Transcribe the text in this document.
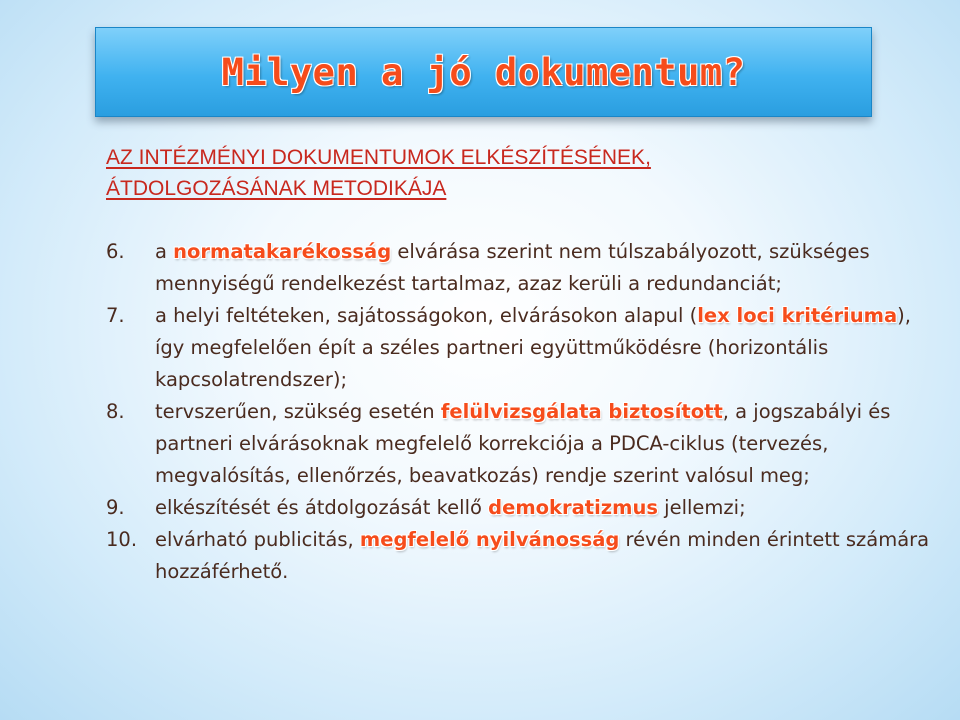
Milyen a jó dokumentum?
AZ INTÉZMÉNYI DOKUMENTUMOK ELKÉSZÍTÉSÉNEK,
ÁTDOLGOZÁSÁNAK METODIKÁJA
6. a normatakarékosság elvárása szerint nem túlszabályozott, szükséges mennyiségű rendelkezést tartalmaz, azaz kerüli a redundanciát;
7. a helyi feltéteken, sajátosságokon, elvárásokon alapul (lex loci kritériuma), így megfelelően épít a széles partneri együttműködésre (horizontális kapcsolatrendszer);
8. tervszerűen, szükség esetén felülvizsgálata biztosított, a jogszabályi és partneri elvárásoknak megfelelő korrekciója a PDCA-ciklus (tervezés, megvalósítás, ellenőrzés, beavatkozás) rendje szerint valósul meg;
9. elkészítését és átdolgozását kellő demokratizmus jellemzi;
10. elvárható publicitás, megfelelő nyilvánosság révén minden érintett számára hozzáférhető.
